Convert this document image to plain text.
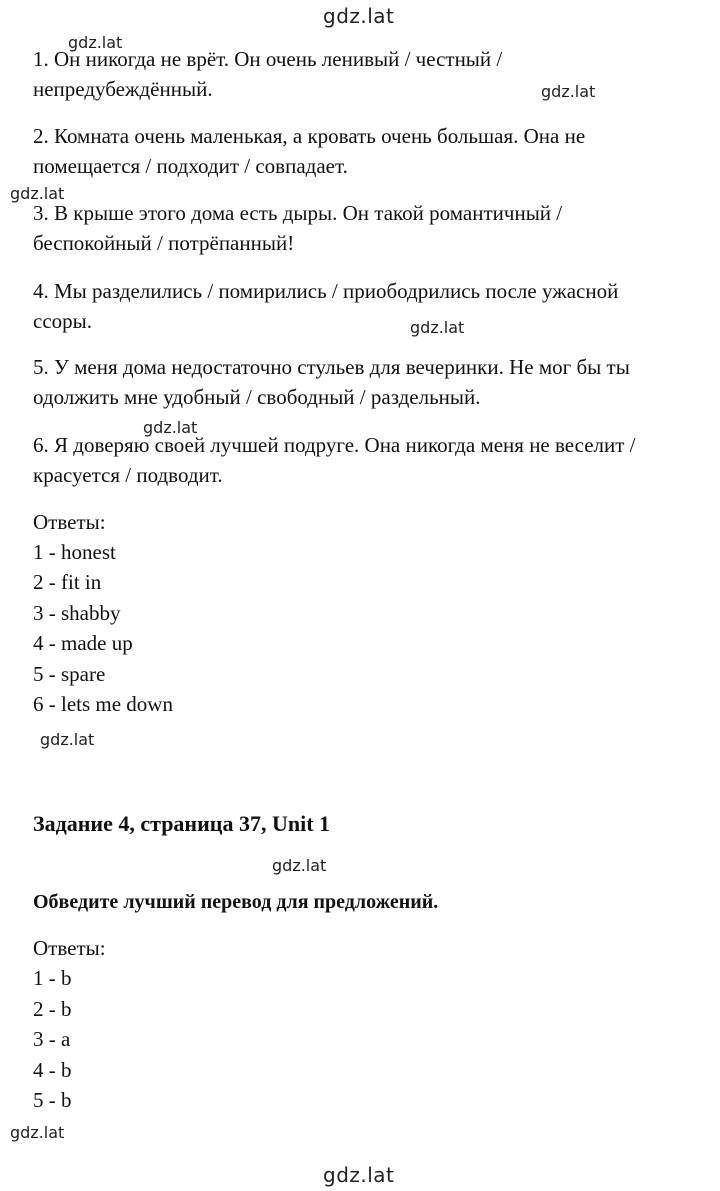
gdz.lat
gdz.lat
gdz.lat
gdz.lat
gdz.lat
gdz.lat
gdz.lat
gdz.lat
gdz.lat
gdz.lat
1. Он никогда не врёт. Он очень ленивый / честный /
непредубеждённый.
2. Комната очень маленькая, а кровать очень большая. Она не
помещается / подходит / совпадает.
3. В крыше этого дома есть дыры. Он такой романтичный /
беспокойный / потрёпанный!
4. Мы разделились / помирились / приободрились после ужасной
ссоры.
5. У меня дома недостаточно стульев для вечеринки. Не мог бы ты
одолжить мне удобный / свободный / раздельный.
6. Я доверяю своей лучшей подруге. Она никогда меня не веселит /
красуется / подводит.
Ответы:
1 - honest
2 - fit in
3 - shabby
4 - made up
5 - spare
6 - lets me down
Задание 4, страница 37, Unit 1
Обведите лучший перевод для предложений.
Ответы:
1 - b
2 - b
3 - a
4 - b
5 - b
